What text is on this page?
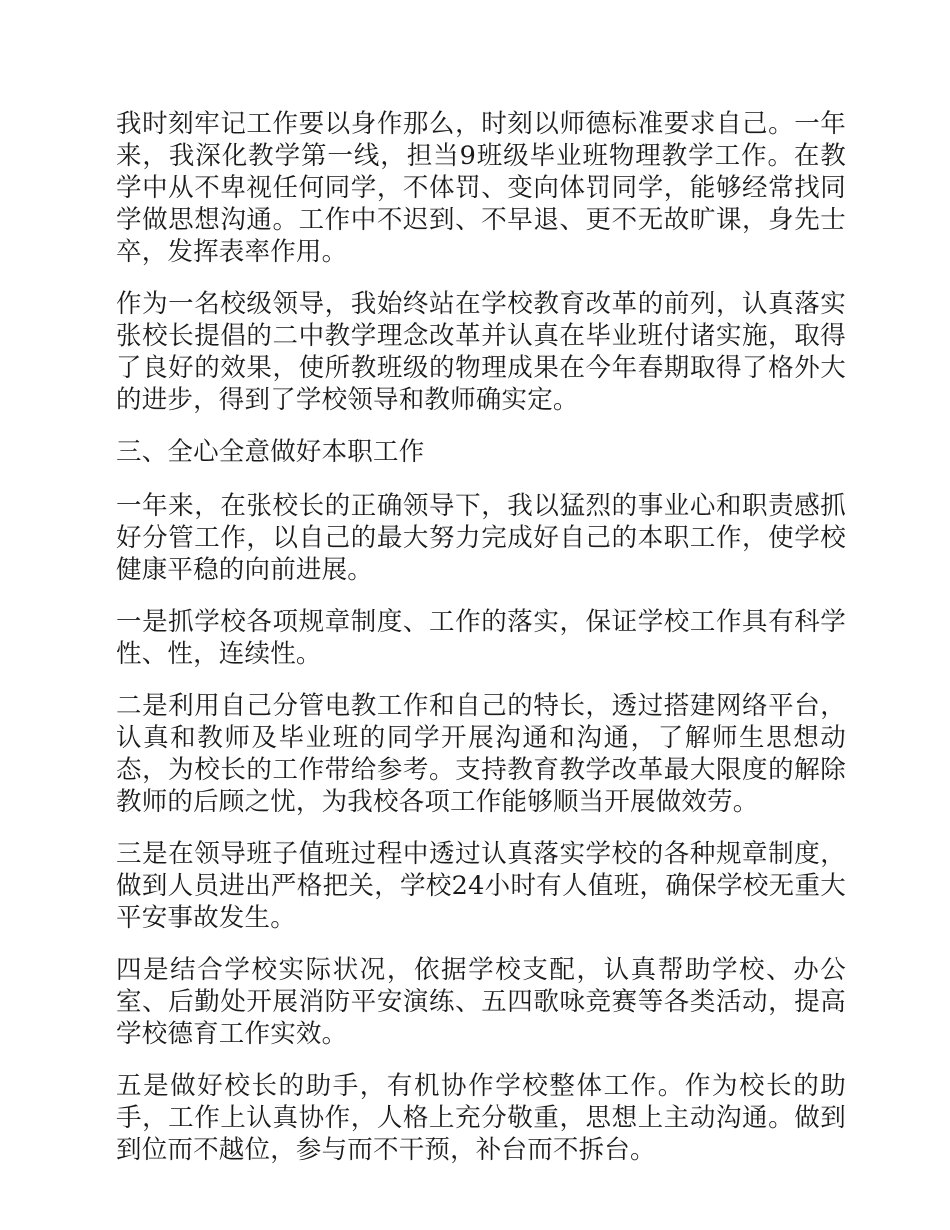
我时刻牢记工作要以身作那么，时刻以师德标准要求自己。一年来，我深化教学第一线，担当9班级毕业班物理教学工作。在教学中从不卑视任何同学，不体罚、变向体罚同学，能够经常找同学做思想沟通。工作中不迟到、不早退、更不无故旷课，身先士卒，发挥表率作用。

作为一名校级领导，我始终站在学校教育改革的前列，认真落实张校长提倡的二中教学理念改革并认真在毕业班付诸实施，取得了良好的效果，使所教班级的物理成果在今年春期取得了格外大的进步，得到了学校领导和教师确实定。

三、全心全意做好本职工作

一年来，在张校长的正确领导下，我以猛烈的事业心和职责感抓好分管工作，以自己的最大努力完成好自己的本职工作，使学校健康平稳的向前进展。

一是抓学校各项规章制度、工作的落实，保证学校工作具有科学性、性，连续性。

二是利用自己分管电教工作和自己的特长，透过搭建网络平台，认真和教师及毕业班的同学开展沟通和沟通，了解师生思想动态，为校长的工作带给参考。支持教育教学改革最大限度的解除教师的后顾之忧，为我校各项工作能够顺当开展做效劳。

三是在领导班子值班过程中透过认真落实学校的各种规章制度，做到人员进出严格把关，学校24小时有人值班，确保学校无重大平安事故发生。

四是结合学校实际状况，依据学校支配，认真帮助学校、办公室、后勤处开展消防平安演练、五四歌咏竞赛等各类活动，提高学校德育工作实效。

五是做好校长的助手，有机协作学校整体工作。作为校长的助手，工作上认真协作，人格上充分敬重，思想上主动沟通。做到到位而不越位，参与而不干预，补台而不拆台。
